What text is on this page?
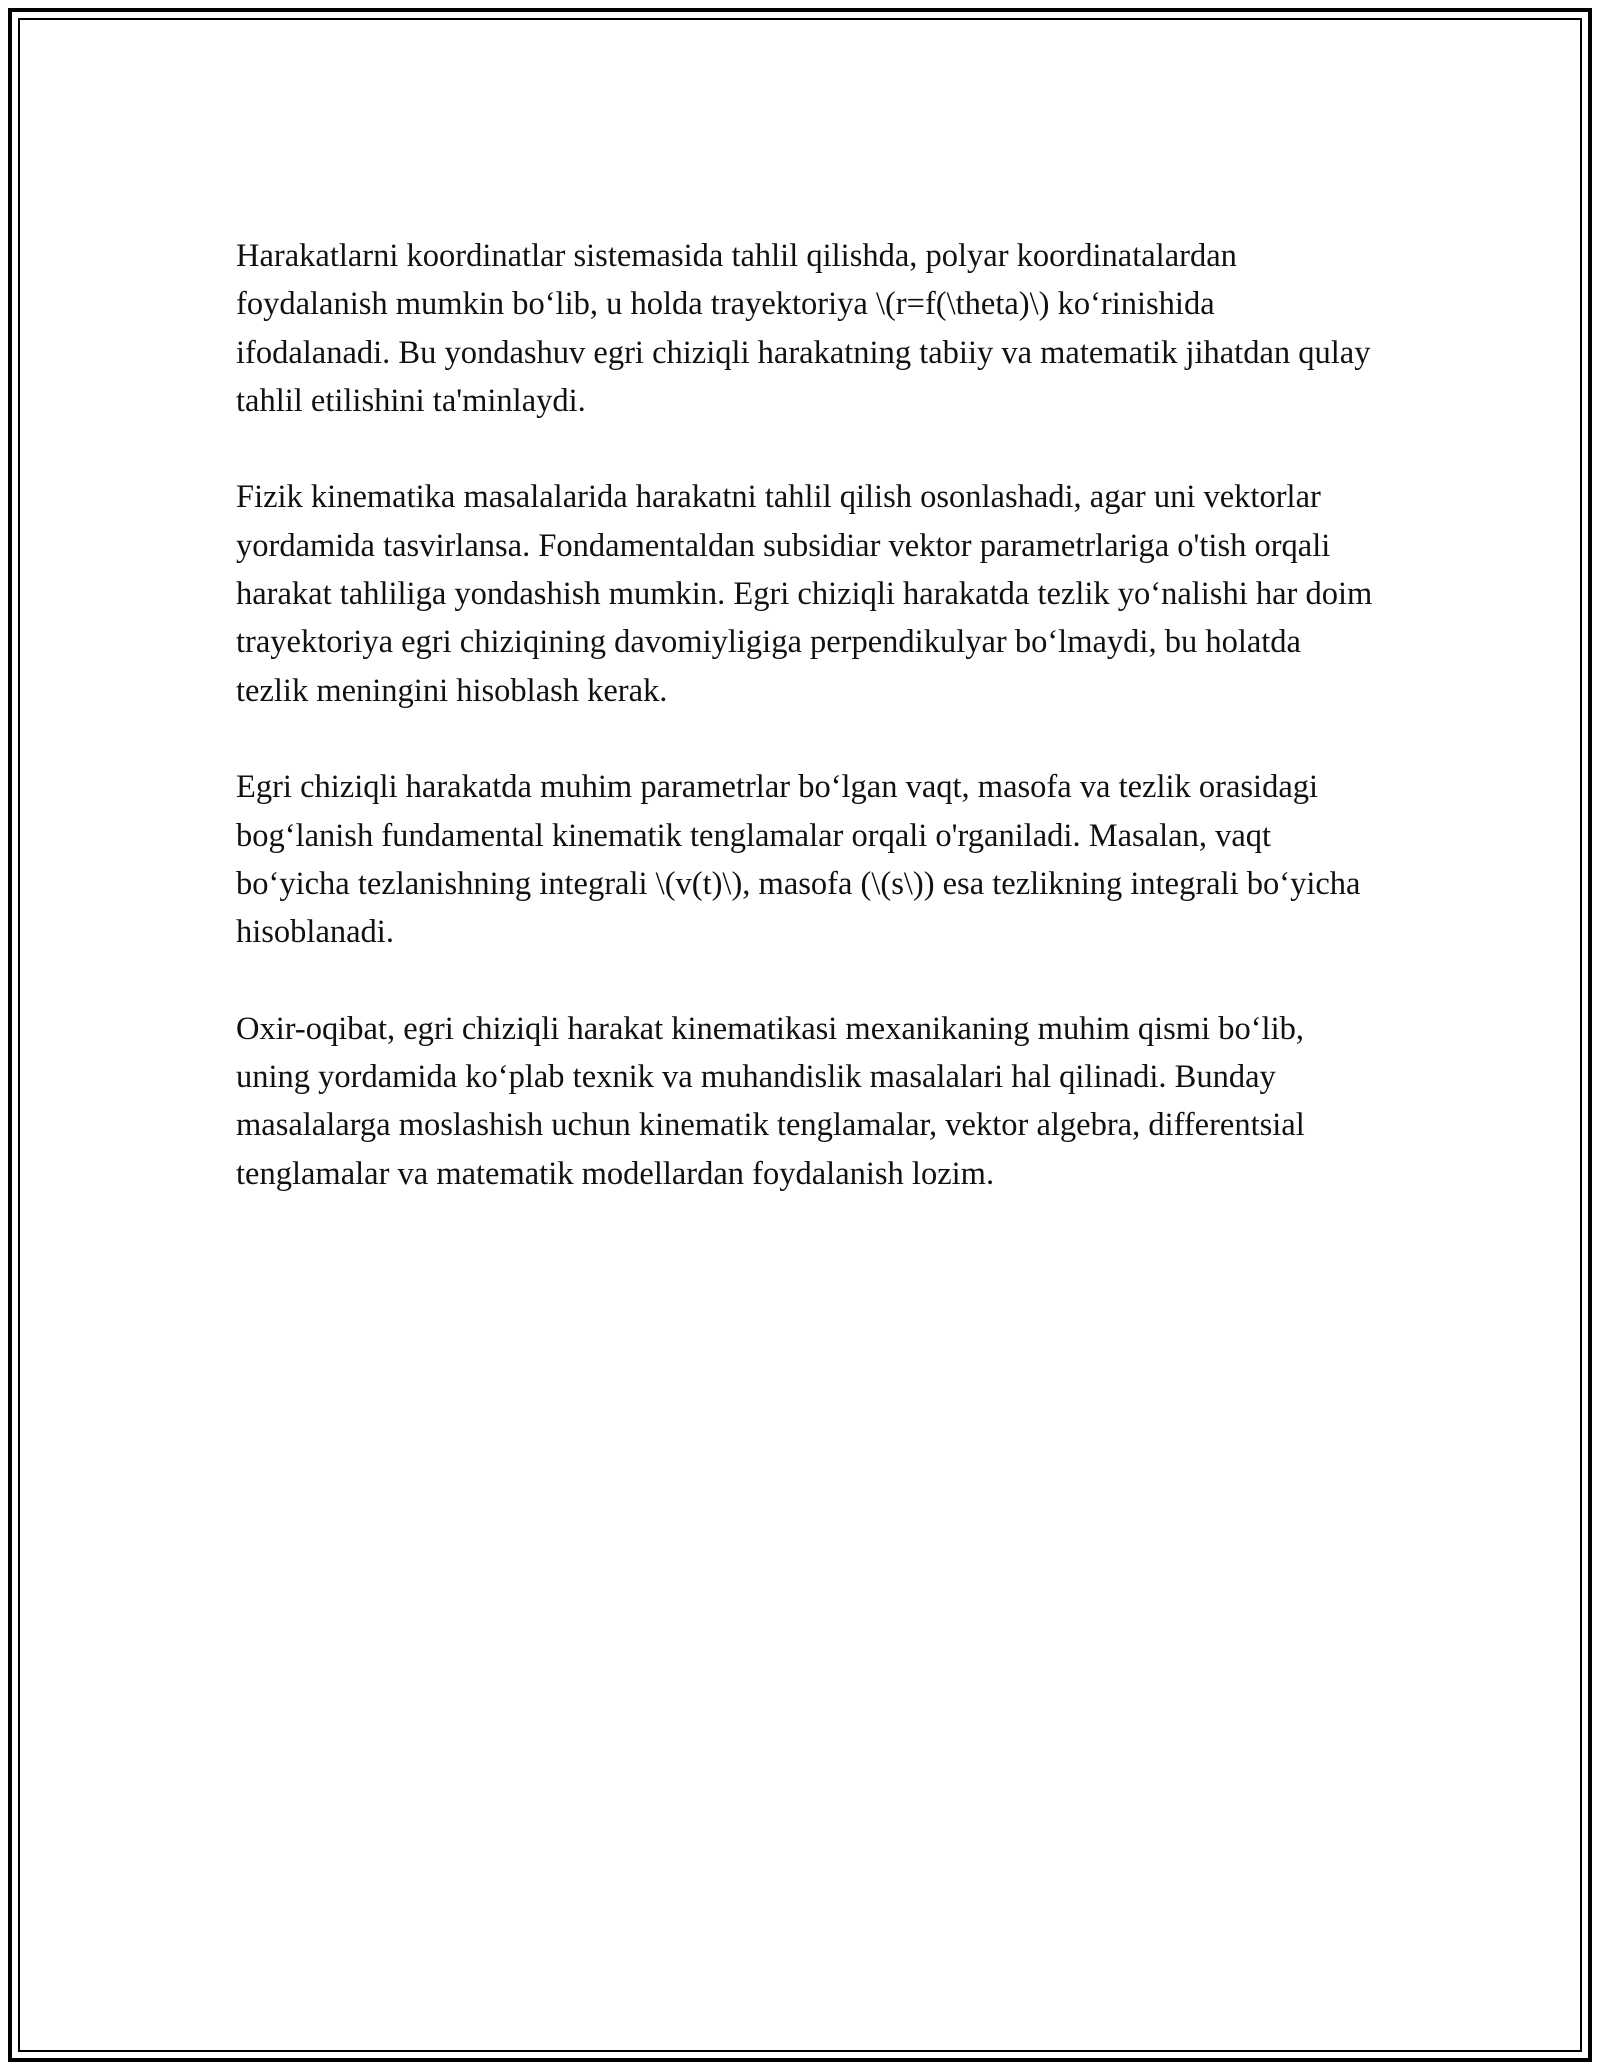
Harakatlarni koordinatlar sistemasida tahlil qilishda, polyar koordinatalardan foydalanish mumkin bo‘lib, u holda trayektoriya \(r=f(\theta)\) ko‘rinishida ifodalanadi. Bu yondashuv egri chiziqli harakatning tabiiy va matematik jihatdan qulay tahlil etilishini ta'minlaydi.

Fizik kinematika masalalarida harakatni tahlil qilish osonlashadi, agar uni vektorlar yordamida tasvirlansa. Fondamentaldan subsidiar vektor parametrlariga o'tish orqali harakat tahliliga yondashish mumkin. Egri chiziqli harakatda tezlik yo‘nalishi har doim trayektoriya egri chiziqining davomiyligiga perpendikulyar bo‘lmaydi, bu holatda tezlik meningini hisoblash kerak.

Egri chiziqli harakatda muhim parametrlar bo‘lgan vaqt, masofa va tezlik orasidagi bog‘lanish fundamental kinematik tenglamalar orqali o'rganiladi. Masalan, vaqt bo‘yicha tezlanishning integrali \(v(t)\), masofa (\(s\)) esa tezlikning integrali bo‘yicha hisoblanadi.

Oxir-oqibat, egri chiziqli harakat kinematikasi mexanikaning muhim qismi bo‘lib, uning yordamida ko‘plab texnik va muhandislik masalalari hal qilinadi. Bunday masalalarga moslashish uchun kinematik tenglamalar, vektor algebra, differentsial tenglamalar va matematik modellardan foydalanish lozim.
